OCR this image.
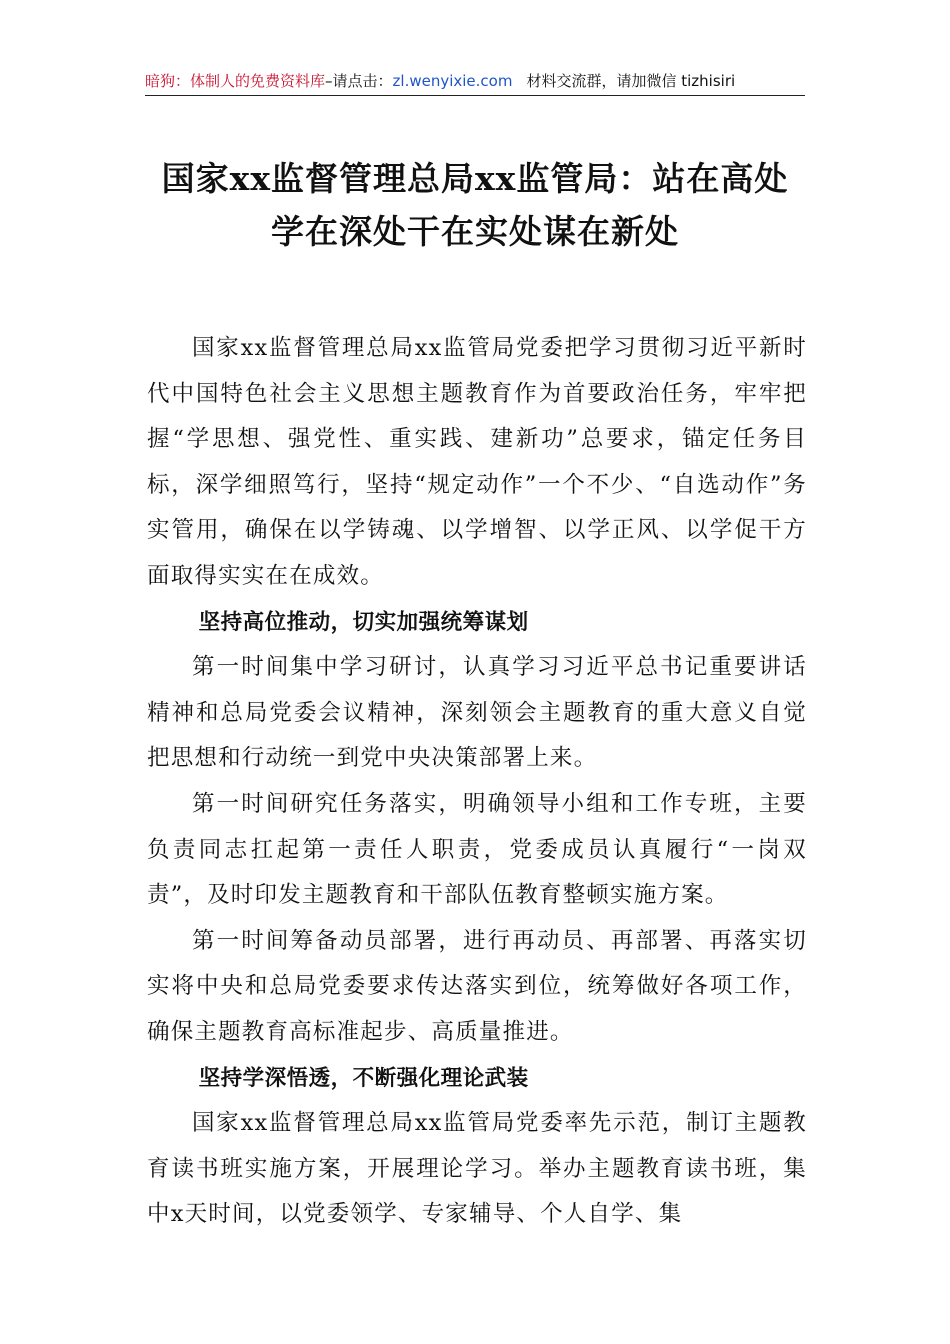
暗狗：体制人的免费资料库 –请点击： zl.wenyixie.com 材料交流群，请加微信 tizhisiri
国家xx监督管理总局xx监管局：站在高处
学在深处干在实处谋在新处

国家xx监督管理总局xx监管局党委把学习贯彻习近平新时代中国特色社会主义思想主题教育作为首要政治任务，牢牢把握“学思想、强党性、重实践、建新功”总要求，锚定任务目标，深学细照笃行，坚持“规定动作”一个不少、“自选动作”务实管用，确保在以学铸魂、以学增智、以学正风、以学促干方面取得实实在在成效。

坚持高位推动，切实加强统筹谋划

第一时间集中学习研讨，认真学习习近平总书记重要讲话精神和总局党委会议精神，深刻领会主题教育的重大意义自觉把思想和行动统一到党中央决策部署上来。

第一时间研究任务落实，明确领导小组和工作专班，主要负责同志扛起第一责任人职责，党委成员认真履行“一岗双责”，及时印发主题教育和干部队伍教育整顿实施方案。

第一时间筹备动员部署，进行再动员、再部署、再落实切实将中央和总局党委要求传达落实到位，统筹做好各项工作，确保主题教育高标准起步、高质量推进。

坚持学深悟透，不断强化理论武装

国家xx监督管理总局xx监管局党委率先示范，制订主题教育读书班实施方案，开展理论学习。举办主题教育读书班，集中x天时间，以党委领学、专家辅导、个人自学、集
